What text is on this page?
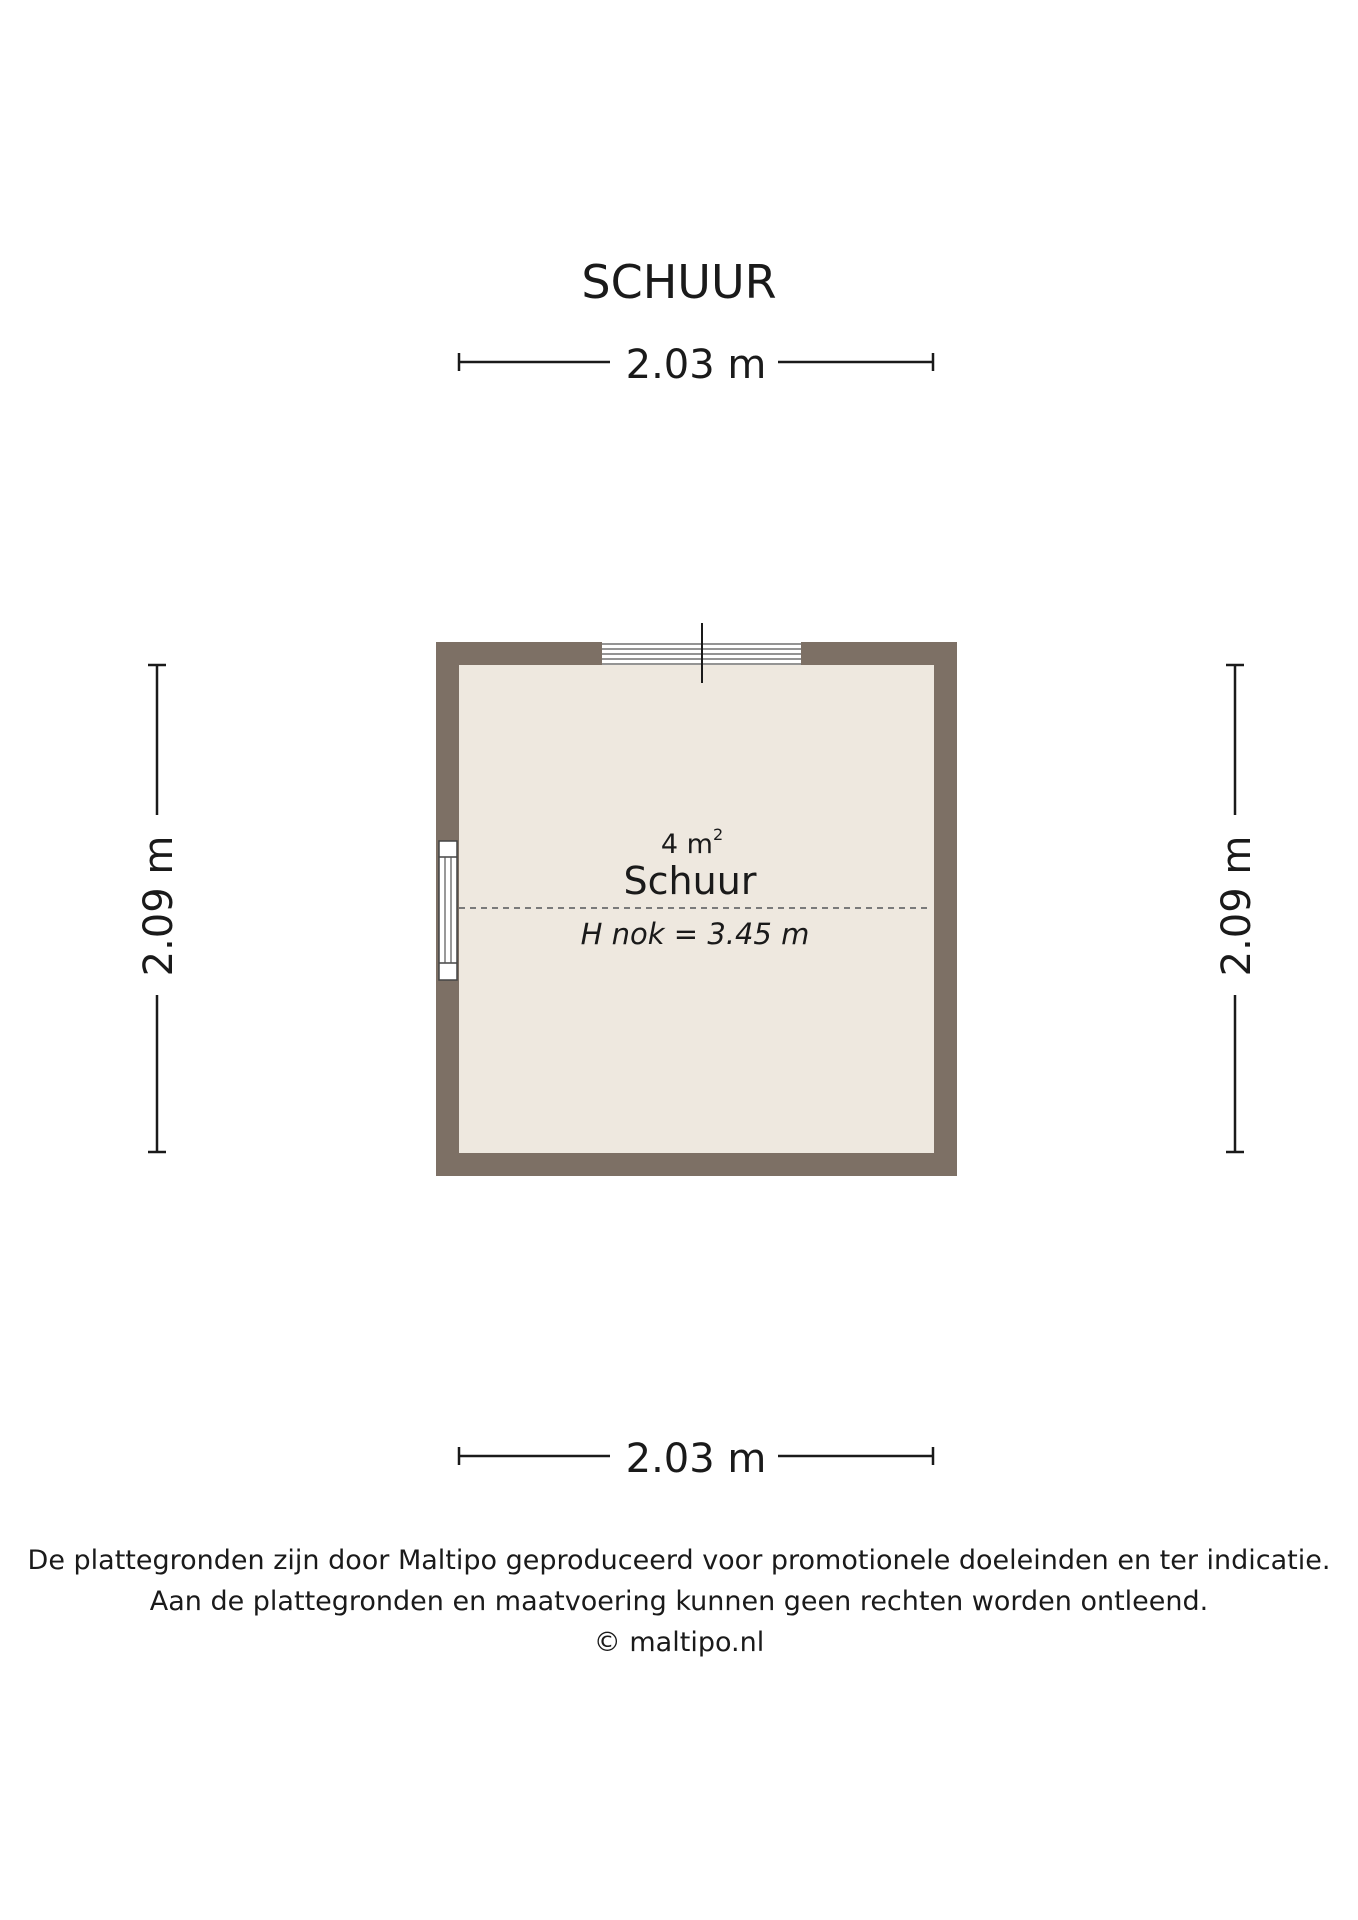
SCHUUR
2.03 m
2.09 m	2.09 m
4 $m^2$
Schuur
H nok = 3.45 m
2.03 m
De plattegronden zijn door Maltipo geproduceerd voor promotionele doeleinden en ter indicatie.
Aan de plattegronden en maatvoering kunnen geen rechten worden ontleend.
© maltipo.nl
